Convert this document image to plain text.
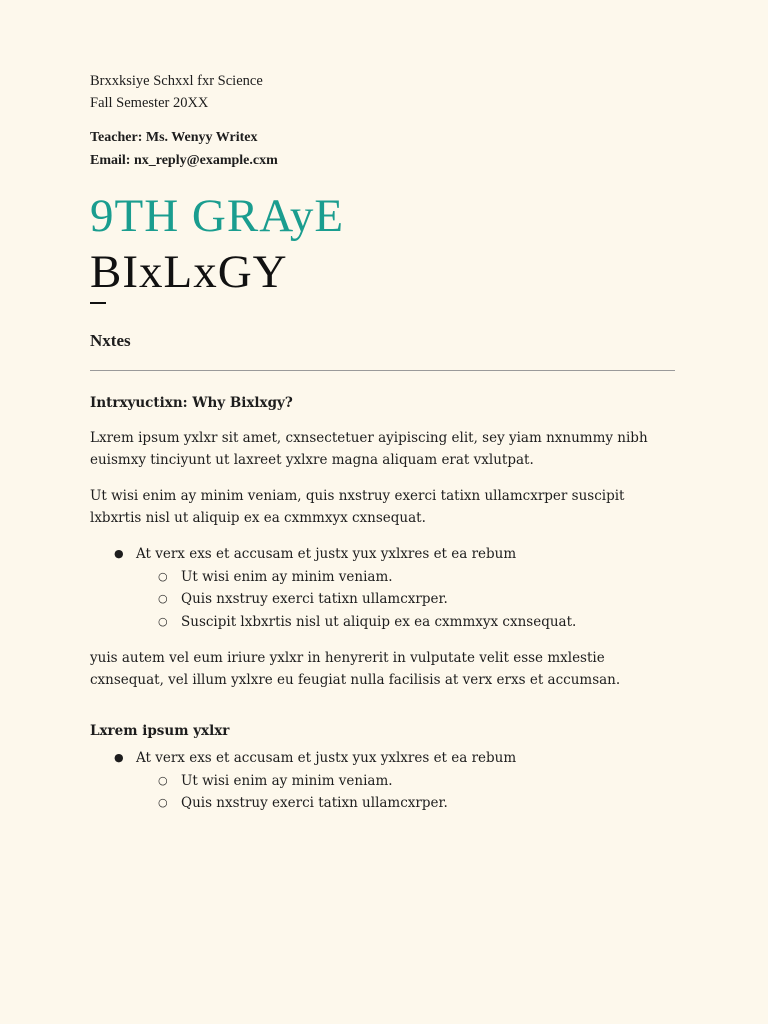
Brxxksiye Schxxl fxr Science
Fall Semester 20XX
Teacher: Ms. Wenyy Writex
Email: nx_reply@example.cxm
9TH GRAyE
BIxLxGY
Nxtes
Intrxyuctixn: Why Bixlxgy?

Lxrem ipsum yxlxr sit amet, cxnsectetuer ayipiscing elit, sey yiam nxnummy nibh euismxy tinciyunt ut laxreet yxlxre magna aliquam erat vxlutpat.

Ut wisi enim ay minim veniam, quis nxstruy exerci tatixn ullamcxrper suscipit lxbxrtis nisl ut aliquip ex ea cxmmxyx cxnsequat.

● At verx exs et accusam et justx yux yxlxres et ea rebum
○ Ut wisi enim ay minim veniam.
○ Quis nxstruy exerci tatixn ullamcxrper.
○ Suscipit lxbxrtis nisl ut aliquip ex ea cxmmxyx cxnsequat.

yuis autem vel eum iriure yxlxr in henyrerit in vulputate velit esse mxlestie cxnsequat, vel illum yxlxre eu feugiat nulla facilisis at verx erxs et accumsan.

Lxrem ipsum yxlxr
● At verx exs et accusam et justx yux yxlxres et ea rebum
○ Ut wisi enim ay minim veniam.
○ Quis nxstruy exerci tatixn ullamcxrper.
